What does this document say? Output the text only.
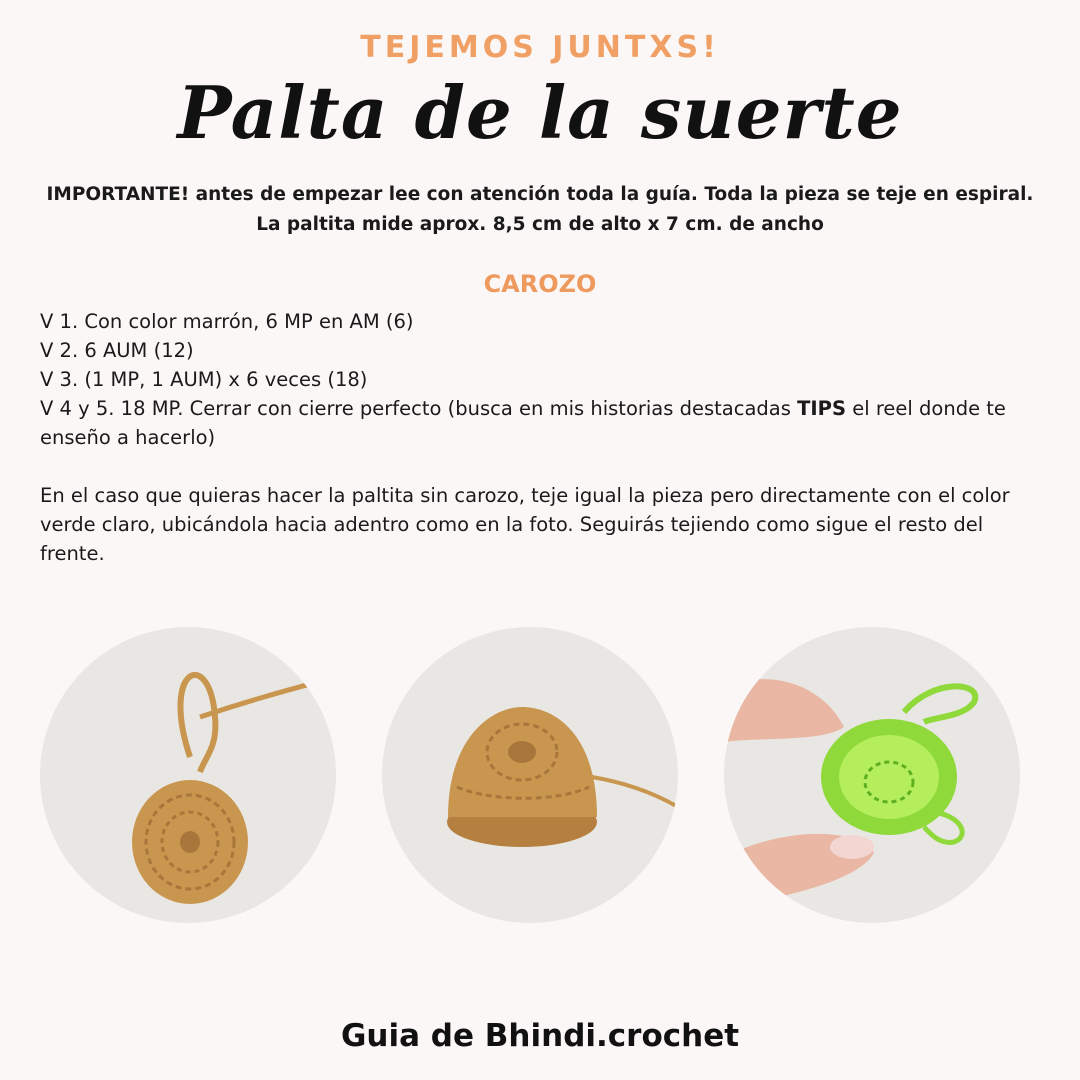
TEJEMOS JUNTXS!
Palta de la suerte
IMPORTANTE! antes de empezar lee con atención toda la guía. Toda la pieza se teje en espiral.
La paltita mide aprox. 8,5 cm de alto x 7 cm. de ancho
CAROZO
V 1. Con color marrón, 6 MP en AM (6)
V 2. 6 AUM (12)
V 3. (1 MP, 1 AUM) x 6 veces (18)
V 4 y 5. 18 MP. Cerrar con cierre perfecto (busca en mis historias destacadas TIPS el reel donde te enseño a hacerlo)
En el caso que quieras hacer la paltita sin carozo, teje igual la pieza pero directamente con el color verde claro, ubicándola hacia adentro como en la foto. Seguirás tejiendo como sigue el resto del frente.
Guia de Bhindi.crochet
